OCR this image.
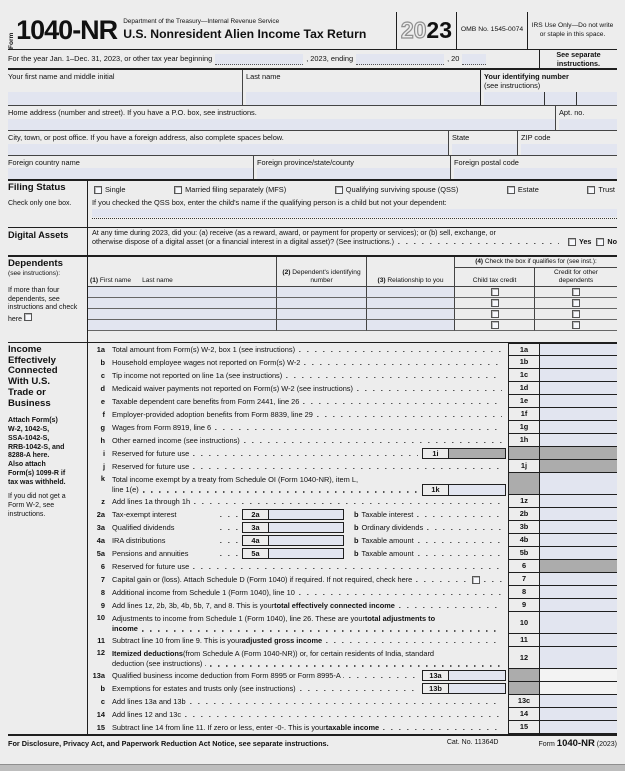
Form 1040-NR Department of the Treasury—Internal Revenue Service
U.S. Nonresident Alien Income Tax Return	20 23	OMB No. 1545-0074
IRS Use Only—Do not write or staple in this space.
For the year Jan. 1–Dec. 31, 2023, or other tax year beginning	, 2023, ending	, 20	See separate instructions.
Your first name and middle initial	Last name	Your identifying number
(see instructions)
Home address (number and street). If you have a P.O. box, see instructions.	Apt. no.
City, town, or post office. If you have a foreign address, also complete spaces below.	State	ZIP code
Foreign country name	Foreign province/state/county	Foreign postal code
Filing Status
Check only one box.
Single	Married filing separately (MFS)	Qualifying surviving spouse (QSS)	Estate	Trust
If you checked the QSS box, enter the child's name if the qualifying person is a child but not your dependent:
Digital Assets	At any time during 2023, did you: (a) receive (as a reward, award, or payment for property or services); or (b) sell, exchange, or
otherwise dispose of a digital asset (or a financial interest in a digital asset)? (See instructions.)	Yes No
Dependents
(see instructions):
If more than four dependents, see instructions and check here
(1) First name Last name
(2) Dependent's identifying number	(3) Relationship to you
(4) Check the box if qualifies for (see inst.):
Child tax credit
Credit for other dependents
Income Effectively Connected With U.S. Trade or Business
Attach Form(s) W-2, 1042-S, SSA-1042-S, RRB-1042-S, and 8288-A here. Also attach Form(s) 1099-R if tax was withheld.
If you did not get a Form W-2, see instructions.
1a Total amount from Form(s) W-2, box 1 (see instructions)	1a
b Household employee wages not reported on Form(s) W-2	1b
c Tip income not reported on line 1a (see instructions)	1c
d Medicaid waiver payments not reported on Form(s) W-2 (see instructions)	1d
e Taxable dependent care benefits from Form 2441, line 26	1e
f Employer-provided adoption benefits from Form 8839, line 29	1f
g Wages from Form 8919, line 6	1g
h Other earned income (see instructions)	1h
i Reserved for future use	1i
j Reserved for future use	1j
k Total income exempt by a treaty from Schedule OI (Form 1040-NR), item L,
line 1(e)	1k
z Add lines 1a through 1h	1z
2a Tax-exempt interest	2a	b Taxable interest	2b
3a Qualified dividends	3a	b Ordinary dividends	3b
4a IRA distributions	4a	b Taxable amount	4b
5a Pensions and annuities	5a	b Taxable amount	5b
6 Reserved for future use	6
7 Capital gain or (loss). Attach Schedule D (Form 1040) if required. If not required, check here	7
8 Additional income from Schedule 1 (Form 1040), line 10	8
9 Add lines 1z, 2b, 3b, 4b, 5b, 7, and 8. This is your total effectively connected income	9
10 Adjustments to income from Schedule 1 (Form 1040), line 26. These are your total adjustments to
income
10
11 Subtract line 10 from line 9. This is your adjusted gross income	11
12 Itemized deductions (from Schedule A (Form 1040-NR)) or, for certain residents of India, standard
deduction (see instructions) .
12
13a Qualified business income deduction from Form 8995 or Form 8995-A .	13a
b Exemptions for estates and trusts only (see instructions)	13b
c Add lines 13a and 13b	13c
14 Add lines 12 and 13c	14
15 Subtract line 14 from line 11. If zero or less, enter -0-. This is your taxable income	15
For Disclosure, Privacy Act, and Paperwork Reduction Act Notice, see separate instructions.	Cat. No. 11364D	Form 1040-NR (2023)
